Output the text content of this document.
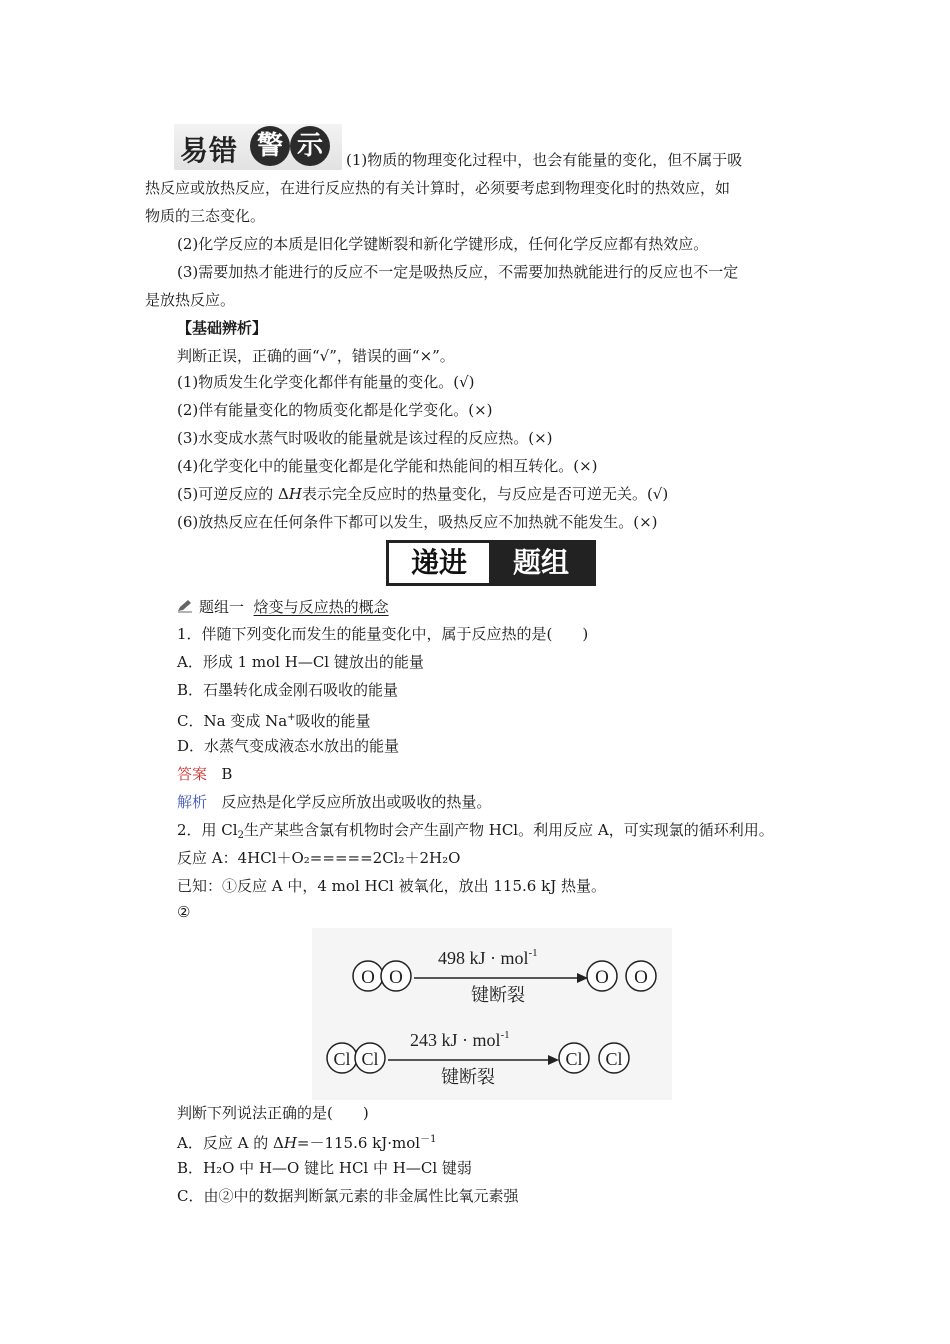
易错 警 示	(1)物质的物理变化过程中，也会有能量的变化，但不属于吸
热反应或放热反应，在进行反应热的有关计算时，必须要考虑到物理变化时的热效应，如
物质的三态变化。
(2)化学反应的本质是旧化学键断裂和新化学键形成，任何化学反应都有热效应。
(3)需要加热才能进行的反应不一定是吸热反应，不需要加热就能进行的反应也不一定
是放热反应。
【基础辨析】
判断正误，正确的画“√”，错误的画“×”。
(1)物质发生化学变化都伴有能量的变化。(√)
(2)伴有能量变化的物质变化都是化学变化。(×)
(3)水变成水蒸气时吸收的能量就是该过程的反应热。(×)
(4)化学变化中的能量变化都是化学能和热能间的相互转化。(×)
(5)可逆反应的 ΔH表示完全反应时的热量变化，与反应是否可逆无关。(√)
(6)放热反应在任何条件下都可以发生，吸热反应不加热就不能发生。(×)
递进	题组
题组一 焓变与反应热的概念
1．伴随下列变化而发生的能量变化中，属于反应热的是(　　)
A．形成 1 mol H—Cl 键放出的能量
B．石墨转化成金刚石吸收的能量
C．Na 变成 Na+吸收的能量
D．水蒸气变成液态水放出的能量
答案 B
解析 反应热是化学反应所放出或吸收的热量。
2．用 $Cl_2$生产某些含氯有机物时会产生副产物 HCl。利用反应 A，可实现氯的循环利用。
反应 A：4HCl＋O₂=====2Cl₂＋2H₂O
已知：①反应 A 中，4 mol HCl 被氧化，放出 115.6 kJ 热量。
②
O O
498 kJ · mol$^{-1}$
键断裂
O O
Cl Cl
243 kJ · mol$^{-1}$
键断裂
Cl Cl
判断下列说法正确的是(　　)
A．反应 A 的 ΔH=－115.6 kJ·mol$^{-1}$
B．H₂O 中 H—O 键比 HCl 中 H—Cl 键弱
C．由②中的数据判断氯元素的非金属性比氧元素强
